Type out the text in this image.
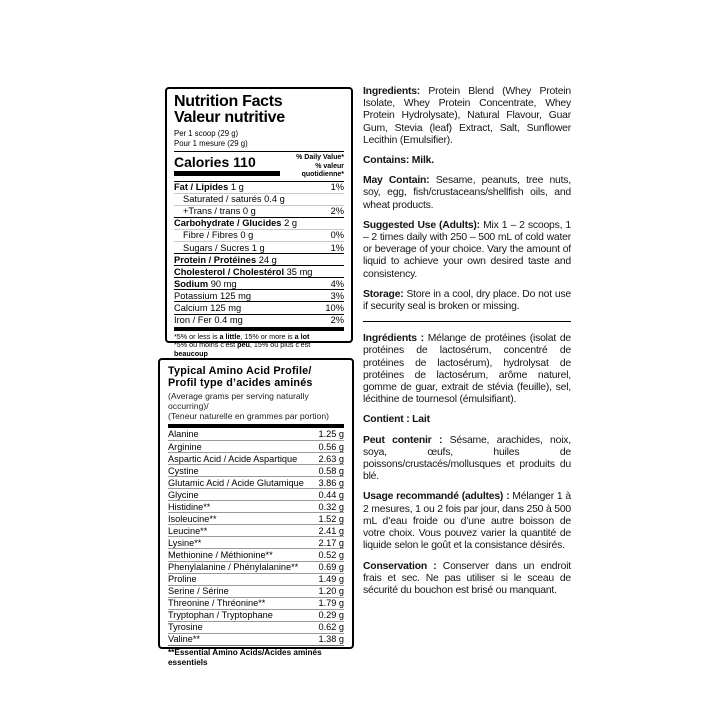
Nutrition Facts
Valeur nutritive
Per 1 scoop (29 g)
Pour 1 mesure (29 g)
Calories 110	% Daily Value*
% valeur quotidienne*
Fat / Lipides 1 g	1%
Saturated / saturés 0.4 g
+Trans / trans 0 g	2%
Carbohydrate / Glucides 2 g
Fibre / Fibres 0 g	0%
Sugars / Sucres 1 g	1%
Protein / Protéines 24 g
Cholesterol / Cholestérol 35 mg
Sodium 90 mg	4%
Potassium 125 mg	3%
Calcium 125 mg	10%
Iron / Fer 0.4 mg	2%
*5% or less is a little, 15% or more is a lot
*5% ou moins c’est peu, 15% ou plus c’est beaucoup
Typical Amino Acid Profile/
Profil type d’acides aminés
(Average grams per serving naturally occurring)/
(Teneur naturelle en grammes par portion)
Alanine	1.25 g
Arginine	0.56 g
Aspartic Acid / Acide Aspartique 2.63 g
Cystine	0.58 g
Glutamic Acid / Acide Glutamique 3.86 g
Glycine	0.44 g
Histidine**	0.32 g
Isoleucine**	1.52 g
Leucine**	2.41 g
Lysine**	2.17 g
Methionine / Méthionine**	0.52 g
Phenylalanine / Phénylalanine** 0.69 g
Proline	1.49 g
Serine / Sérine	1.20 g
Threonine / Thréonine**	1.79 g
Tryptophan / Tryptophane	0.29 g
Tyrosine	0.62 g
Valine**	1.38 g
**Essential Amino Acids/Acides aminés essentiels

Ingredients: Protein Blend (Whey Protein Isolate, Whey Protein Concentrate, Whey Protein Hydrolysate), Natural Flavour, Guar Gum, Stevia (leaf) Extract, Salt, Sunflower Lecithin (Emulsifier).

Contains: Milk.

May Contain: Sesame, peanuts, tree nuts, soy, egg, fish/crustaceans/shellfish oils, and wheat products.

Suggested Use (Adults): Mix 1 – 2 scoops, 1 – 2 times daily with 250 – 500 mL of cold water or beverage of your choice. Vary the amount of liquid to achieve your own desired taste and consistency.

Storage: Store in a cool, dry place. Do not use if security seal is broken or missing.

Ingrédients : Mélange de protéines (isolat de protéines de lactosérum, concentré de protéines de lactosérum), hydrolysat de protéines de lactosérum, arôme naturel, gomme de guar, extrait de stévia (feuille), sel, lécithine de tournesol (émulsifiant).

Contient : Lait

Peut contenir : Sésame, arachides, noix, soya, œufs, huiles de poissons/crustacés/mollusques et produits du blé.

Usage recommandé (adultes) : Mélanger 1 à 2 mesures, 1 ou 2 fois par jour, dans 250 à 500 mL d’eau froide ou d’une autre boisson de votre choix. Vous pouvez varier la quantité de liquide selon le goût et la consistance désirés.

Conservation : Conserver dans un endroit frais et sec. Ne pas utiliser si le sceau de sécurité du bouchon est brisé ou manquant.
